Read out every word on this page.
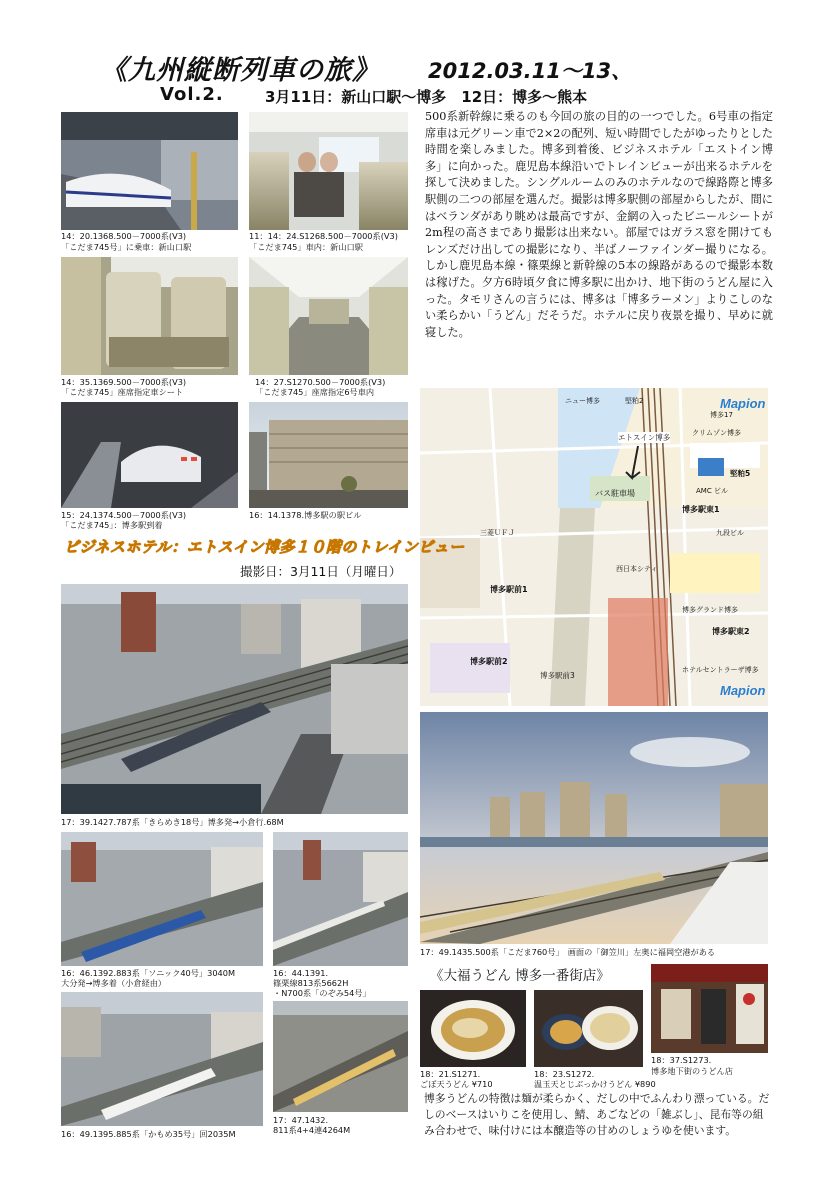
《九州縦断列車の旅》 2012.03.11～13、
Vol.2.	3月11日：新山口駅～博多　12日：博多～熊本
14：20.1368.500－7000系(V3)
「こだま745号」に乗車：新山口駅
11：14：24.S1268.500－7000系(V3)
「こだま745」車内：新山口駅
14：35.1369.500－7000系(V3)
「こだま745」座席指定車シート
14：27.S1270.500－7000系(V3)
「こだま745」座席指定6号車内
15：24.1374.500－7000系(V3)
「こだま745」：博多駅到着
16：14.1378.博多駅の駅ビル
500系新幹線に乗るのも今回の旅の目的の一つでした。6号車の指定席車は元グリーン車で2×2の配列、短い時間でしたがゆったりとした時間を楽しみました。博多到着後、ビジネスホテル「エストイン博多」に向かった。鹿児島本線沿いでトレインビューが出来るホテルを探して決めました。シングルルームのみのホテルなので線路際と博多駅側の二つの部屋を選んだ。撮影は博多駅側の部屋からしたが、間にはベランダがあり眺めは最高ですが、金網の入ったビニールシートが2m程の高さまであり撮影は出来ない。部屋ではガラス窓を開けてもレンズだけ出しての撮影になり、半ばノーファインダー撮りになる。しかし鹿児島本線・篠栗線と新幹線の5本の線路があるので撮影本数は稼げた。夕方6時頃夕食に博多駅に出かけ、地下街のうどん屋に入った。タモリさんの言うには、博多は「博多ラーメン」よりこしのない柔らかい「うどん」だそうだ。ホテルに戻り夜景を撮り、早めに就寝した。
Mapion
Mapion
ニュー博多	堅粕2
博多17
エトスイン博多	クリムゾン博多
AMC ビル
博多駅東1
堅粕5
バス駐車場
博多駅前1
博多駅前2
博多駅前3
博多グランド博多
博多駅東2
ホテルセントラーザ博多
西日本シティ
九段ビル
三菱ＵＦＪ
ビジネスホテル：エトスイン博多１０階のトレインビュー
撮影日：3月11日（月曜日）
17：39.1427.787系「きらめき18号」博多発→小倉行.68M
17：49.1435.500系「こだま760号」　画面の「御笠川」左奥に福岡空港がある
16：46.1392.883系「ソニック40号」3040M
大分発→博多着（小倉経由）
16：44.1391.
篠栗線813系5662H
・N700系「のぞみ54号」
16：49.1395.885系「かもめ35号」回2035M
17：47.1432.
811系4+4連4264M
《大福うどん 博多一番街店》
18：21.S1271.
ごぼ天うどん ¥710
18：23.S1272.
温玉天とじぶっかけうどん ¥890
18：37.S1273.
博多地下街のうどん店
博多うどんの特徴は麺が柔らかく、だしの中でふんわり漂っている。だしのベースはいりこを使用し、鯖、あごなどの「雑ぶし」、昆布等の組み合わせで、味付けには本醸造等の甘めのしょうゆを使います。
